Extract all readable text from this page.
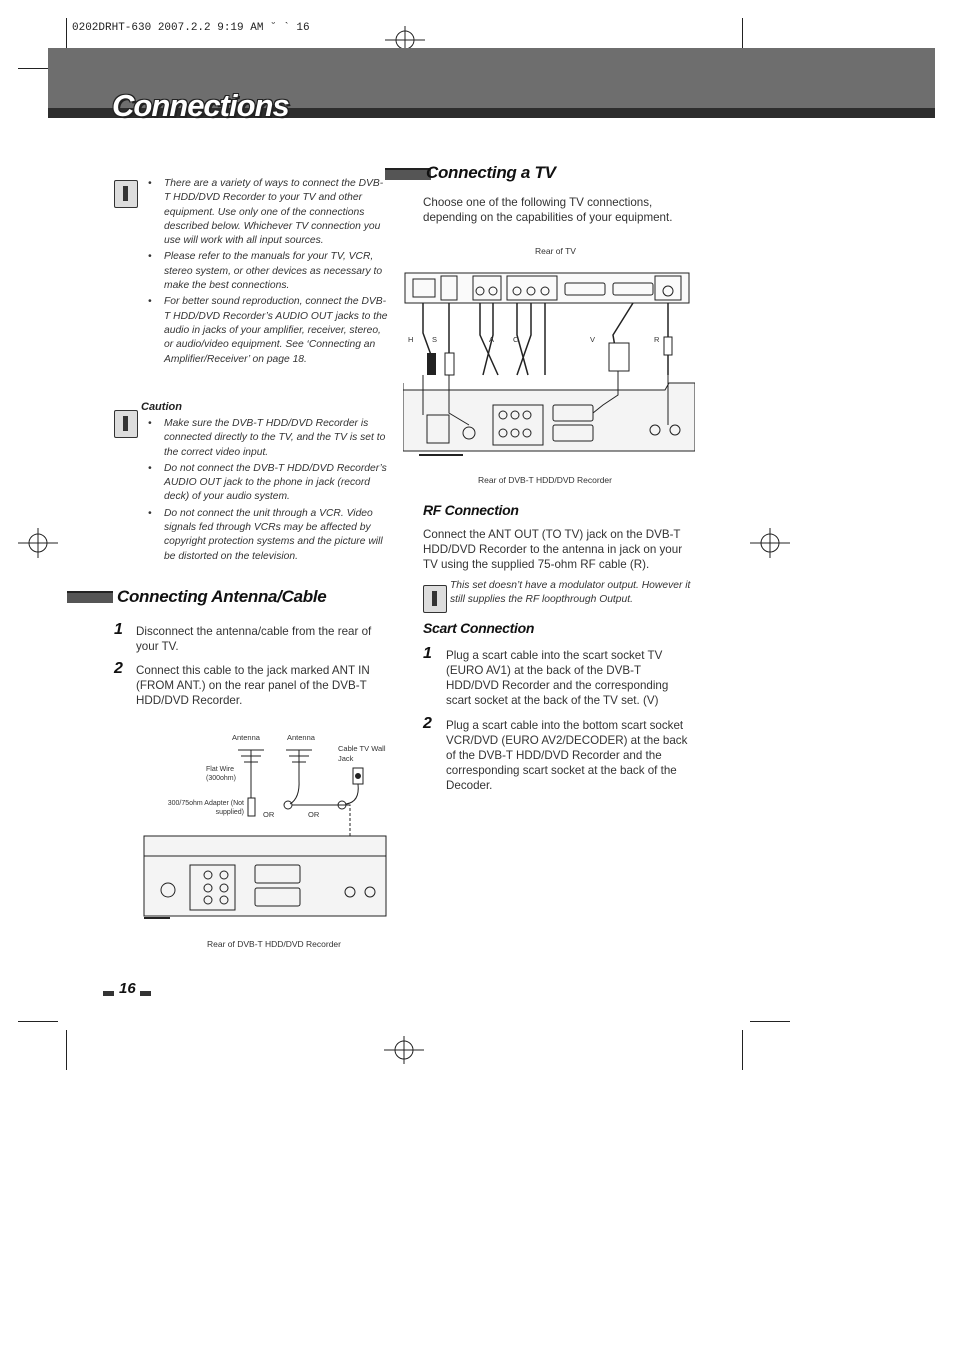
0202DRHT-630 2007.2.2 9:19 AM ˘ ` 16
Connections
• There are a variety of ways to connect the DVB-T HDD/DVD Recorder to your TV and other equipment. Use only one of the connections described below. Whichever TV connection you use will work with all input sources.
• Please refer to the manuals for your TV, VCR, stereo system, or other devices as necessary to make the best connections.
• For better sound reproduction, connect the DVB-T HDD/DVD Recorder’s AUDIO OUT jacks to the audio in jacks of your amplifier, receiver, stereo, or audio/video equipment. See ‘Connecting an Amplifier/Receiver’ on page 18.
Caution
• Make sure the DVB-T HDD/DVD Recorder is connected directly to the TV, and the TV is set to the correct video input.
• Do not connect the DVB-T HDD/DVD Recorder’s AUDIO OUT jack to the phone in jack (record deck) of your audio system.
• Do not connect the unit through a VCR. Video signals fed through VCRs may be affected by copyright protection systems and the picture will be distorted on the television.
Connecting Antenna/Cable
1 Disconnect the antenna/cable from the rear of your TV.
2 Connect this cable to the jack marked ANT IN (FROM ANT.) on the rear panel of the DVB-T HDD/DVD Recorder.
Antenna	Antenna
Cable TV Wall Jack
Flat Wire (300ohm)
300/75ohm Adapter (Not supplied)	OR	OR
Rear of DVB-T HDD/DVD Recorder
Connecting a TV
Choose one of the following TV connections, depending on the capabilities of your equipment.
Rear of TV
H S	A	C	V	R
Rear of DVB-T HDD/DVD Recorder
RF Connection
Connect the ANT OUT (TO TV) jack on the DVB-T HDD/DVD Recorder to the antenna in jack on your TV using the supplied 75-ohm RF cable (R).
This set doesn’t have a modulator output. However it still supplies the RF loopthrough Output.
Scart Connection
1 Plug a scart cable into the scart socket TV (EURO AV1) at the back of the DVB-T HDD/DVD Recorder and the corresponding scart socket at the back of the TV set. (V)
2 Plug a scart cable into the bottom scart socket VCR/DVD (EURO AV2/DECODER) at the back of the DVB-T HDD/DVD Recorder and the corresponding scart socket at the back of the Decoder.
16
